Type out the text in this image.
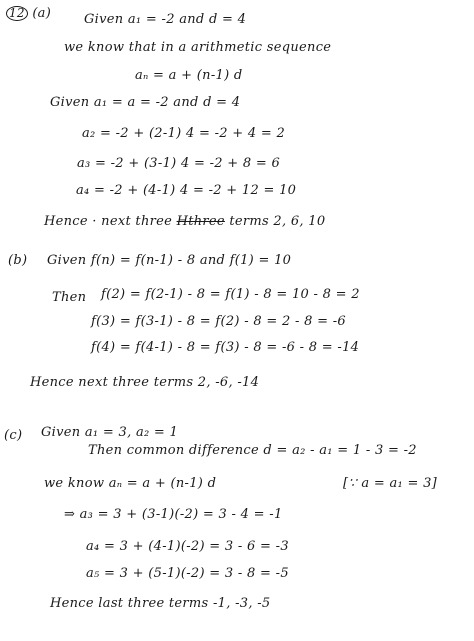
12 (a)	Given a₁ = -2 and d = 4
we know that in a arithmetic sequence
aₙ = a + (n-1) d
Given a₁ = a = -2 and d = 4
a₂ = -2 + (2-1) 4 = -2 + 4 = 2
a₃ = -2 + (3-1) 4 = -2 + 8 = 6
a₄ = -2 + (4-1) 4 = -2 + 12 = 10
Hence · next three Hthree terms 2, 6, 10
(b) Given f(n) = f(n-1) - 8 and f(1) = 10
Then f(2) = f(2-1) - 8 = f(1) - 8 = 10 - 8 = 2
f(3) = f(3-1) - 8 = f(2) - 8 = 2 - 8 = -6
f(4) = f(4-1) - 8 = f(3) - 8 = -6 - 8 = -14
Hence next three terms 2, -6, -14
(c) Given a₁ = 3, a₂ = 1
Then common difference d = a₂ - a₁ = 1 - 3 = -2
we know aₙ = a + (n-1) d	[∵ a = a₁ = 3]
⇒ a₃ = 3 + (3-1)(-2) = 3 - 4 = -1
a₄ = 3 + (4-1)(-2) = 3 - 6 = -3
a₅ = 3 + (5-1)(-2) = 3 - 8 = -5
Hence last three terms -1, -3, -5
